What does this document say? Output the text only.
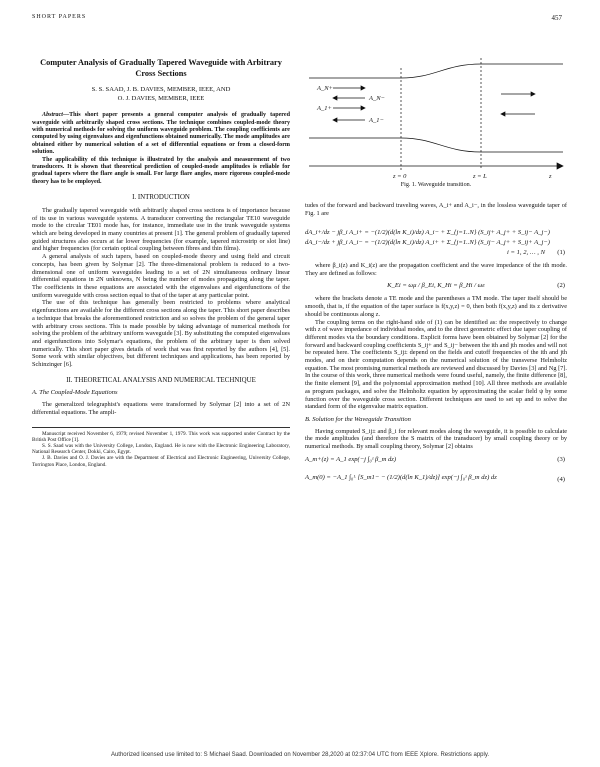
SHORT PAPERS	457
Computer Analysis of Gradually Tapered Waveguide with Arbitrary Cross Sections
S. S. SAAD, J. B. DAVIES, MEMBER, IEEE, AND
O. J. DAVIES, MEMBER, IEEE

Abstract—This short paper presents a general computer analysis of gradually tapered waveguide with arbitrarily shaped cross sections. The technique combines coupled-mode theory with numerical methods for solving the uniform waveguide problem. The coupling coefficients are computed by using eigenvalues and eigenfunctions obtained numerically. The mode amplitudes are obtained either by numerical solution of a set of differential equations or from a closed-form solution.

The applicability of this technique is illustrated by the analysis and measurement of two transducers. It is shown that theoretical prediction of coupled-mode amplitudes is reliable for gradual tapers where the flare angle is small. For large flare angles, more rigorous coupled-mode theory has to be employed.

I. INTRODUCTION

The gradually tapered waveguide with arbitrarily shaped cross sections is of importance because of its use in various waveguide systems. A transducer converting the rectangular TE10 waveguide mode to the circular TE01 mode has, for instance, immediate use in the trunk waveguide systems which are being developed in many countries at present [1]. The general problem of gradually tapered guided structures also occurs at far lower frequencies (for example, tapered microstrip or slot line) and higher frequencies (for certain optical coupling between fibres and thin films).

A general analysis of such tapers, based on coupled-mode theory and using field and circuit concepts, has been given by Solymar [2]. The three-dimensional problem is reduced to a two-dimensional one of uniform waveguides leading to a set of 2N simultaneous ordinary linear differential equations in 2N unknowns, N being the number of modes propagating along the taper. The coefficients in these equations are associated with the eigenvalues and eigenfunctions of the uniform waveguide with cross section equal to that of the taper at any particular point.

The use of this technique has generally been restricted to problems where analytical eigenfunctions are available for the different cross sections along the taper. This short paper describes a technique that breaks the aforementioned restriction and so solves the problem of the general taper with arbitrary cross sections. This is made possible by taking advantage of numerical methods for solving the problem of the arbitrary uniform waveguide [3]. By substituting the computed eigenvalues and eigenfunctions into Solymar's equations, the problem of the arbitrary taper is then solved numerically. This short paper gives details of work that was first reported by the authors [4], [5]. Some work with similar objectives, but different techniques and applications, has been reported by Schinzinger [6].

II. THEORETICAL ANALYSIS AND NUMERICAL TECHNIQUE
A. The Coupled-Mode Equations

The generalized telegraphist's equations were transformed by Solymar [2] into a set of 2N differential equations. The ampli-

Manuscript received November 6, 1979; revised November 1, 1979. This work was supported under Contract by the British Post Office [1].

S. S. Saad was with the University College, London, England. He is now with the Electronic Engineering Laboratory, National Research Center, Dokki, Cairo, Egypt.

J. B. Davies and O. J. Davies are with the Department of Electrical and Electronic Engineering, University College, Torrington Place, London, England.

A_N+
A_1+
A_N−
A_1−
z = 0	z = L	z
Fig. 1. Waveguide transition.

tudes of the forward and backward traveling waves, A_i+ and A_i−, in the lossless waveguide taper of Fig. 1 are

dA_i+/dz − jβ_i A_i+ = −(1/2)(d(ln K_i)/dz) A_i− + Σ_{j=1..N} (S_ij+ A_j+ + S_ij− A_j−)
dA_i−/dz + jβ_i A_i− = −(1/2)(d(ln K_i)/dz) A_i+ + Σ_{j=1..N} (S_ij− A_j+ + S_ij+ A_j−)
i = 1, 2, … , N	(1)

where β_i(z) and K_i(z) are the propagation coefficient and the wave impedance of the ith mode. They are defined as follows:

K_Ei = ωμ / β_Ei, K_Hi = β_Hi / ωε	(2)

where the brackets denote a TE mode and the parentheses a TM mode. The taper itself should be smooth, that is, if the equation of the taper surface is f(x,y,z) = 0, then both f(x,y,z) and its z derivative should be continuous along z.

The coupling terms on the right-hand side of (1) can be identified as: the respectively to change with z of wave impedance of individual modes, and to the direct geometric effect due taper coupling of different modes via the boundary conditions. Explicit forms have been obtained by Solymar [2] for the forward and backward coupling coefficients S_ij+ and S_ij− between the ith and jth modes and will not be repeated here. The coefficients S_ij± depend on the fields and cutoff frequencies of the ith and jth modes, and on their computation depends on the numerical solution of the transverse Helmholtz equation. The most promising numerical methods are reviewed and discussed by Davies [3] and Ng [7]. In the course of this work, three numerical methods were found useful, namely, the finite difference [8], the finite element [9], and the polynomial approximation method [10]. All three methods are available as program packages, and solve the Helmholtz equation by approximating the scalar field ψ by some function over the waveguide cross section. Different techniques are used to set up and to solve the standard form of the eigenvalue matrix equation.

B. Solution for the Waveguide Transition

Having computed S_ij± and β_i for relevant modes along the waveguide, it is possible to calculate the mode amplitudes (and therefore the S matrix of the transducer) by small coupling theory or by numerical methods. By small coupling theory, Solymar [2] obtains

A_m+(z) = A_1 exp(−j ∫₀ᶻ β_m dz)	(3)
A_m(0) = −A_1 ∫₀ᴸ [S_m1− − (1/2)(d(ln K_1)/dz)] exp(−j ∫₀ᶻ β_m dz) dz	(4)
Authorized licensed use limited to: S Michael Saad. Downloaded on November 28,2020 at 02:37:04 UTC from IEEE Xplore. Restrictions apply.
